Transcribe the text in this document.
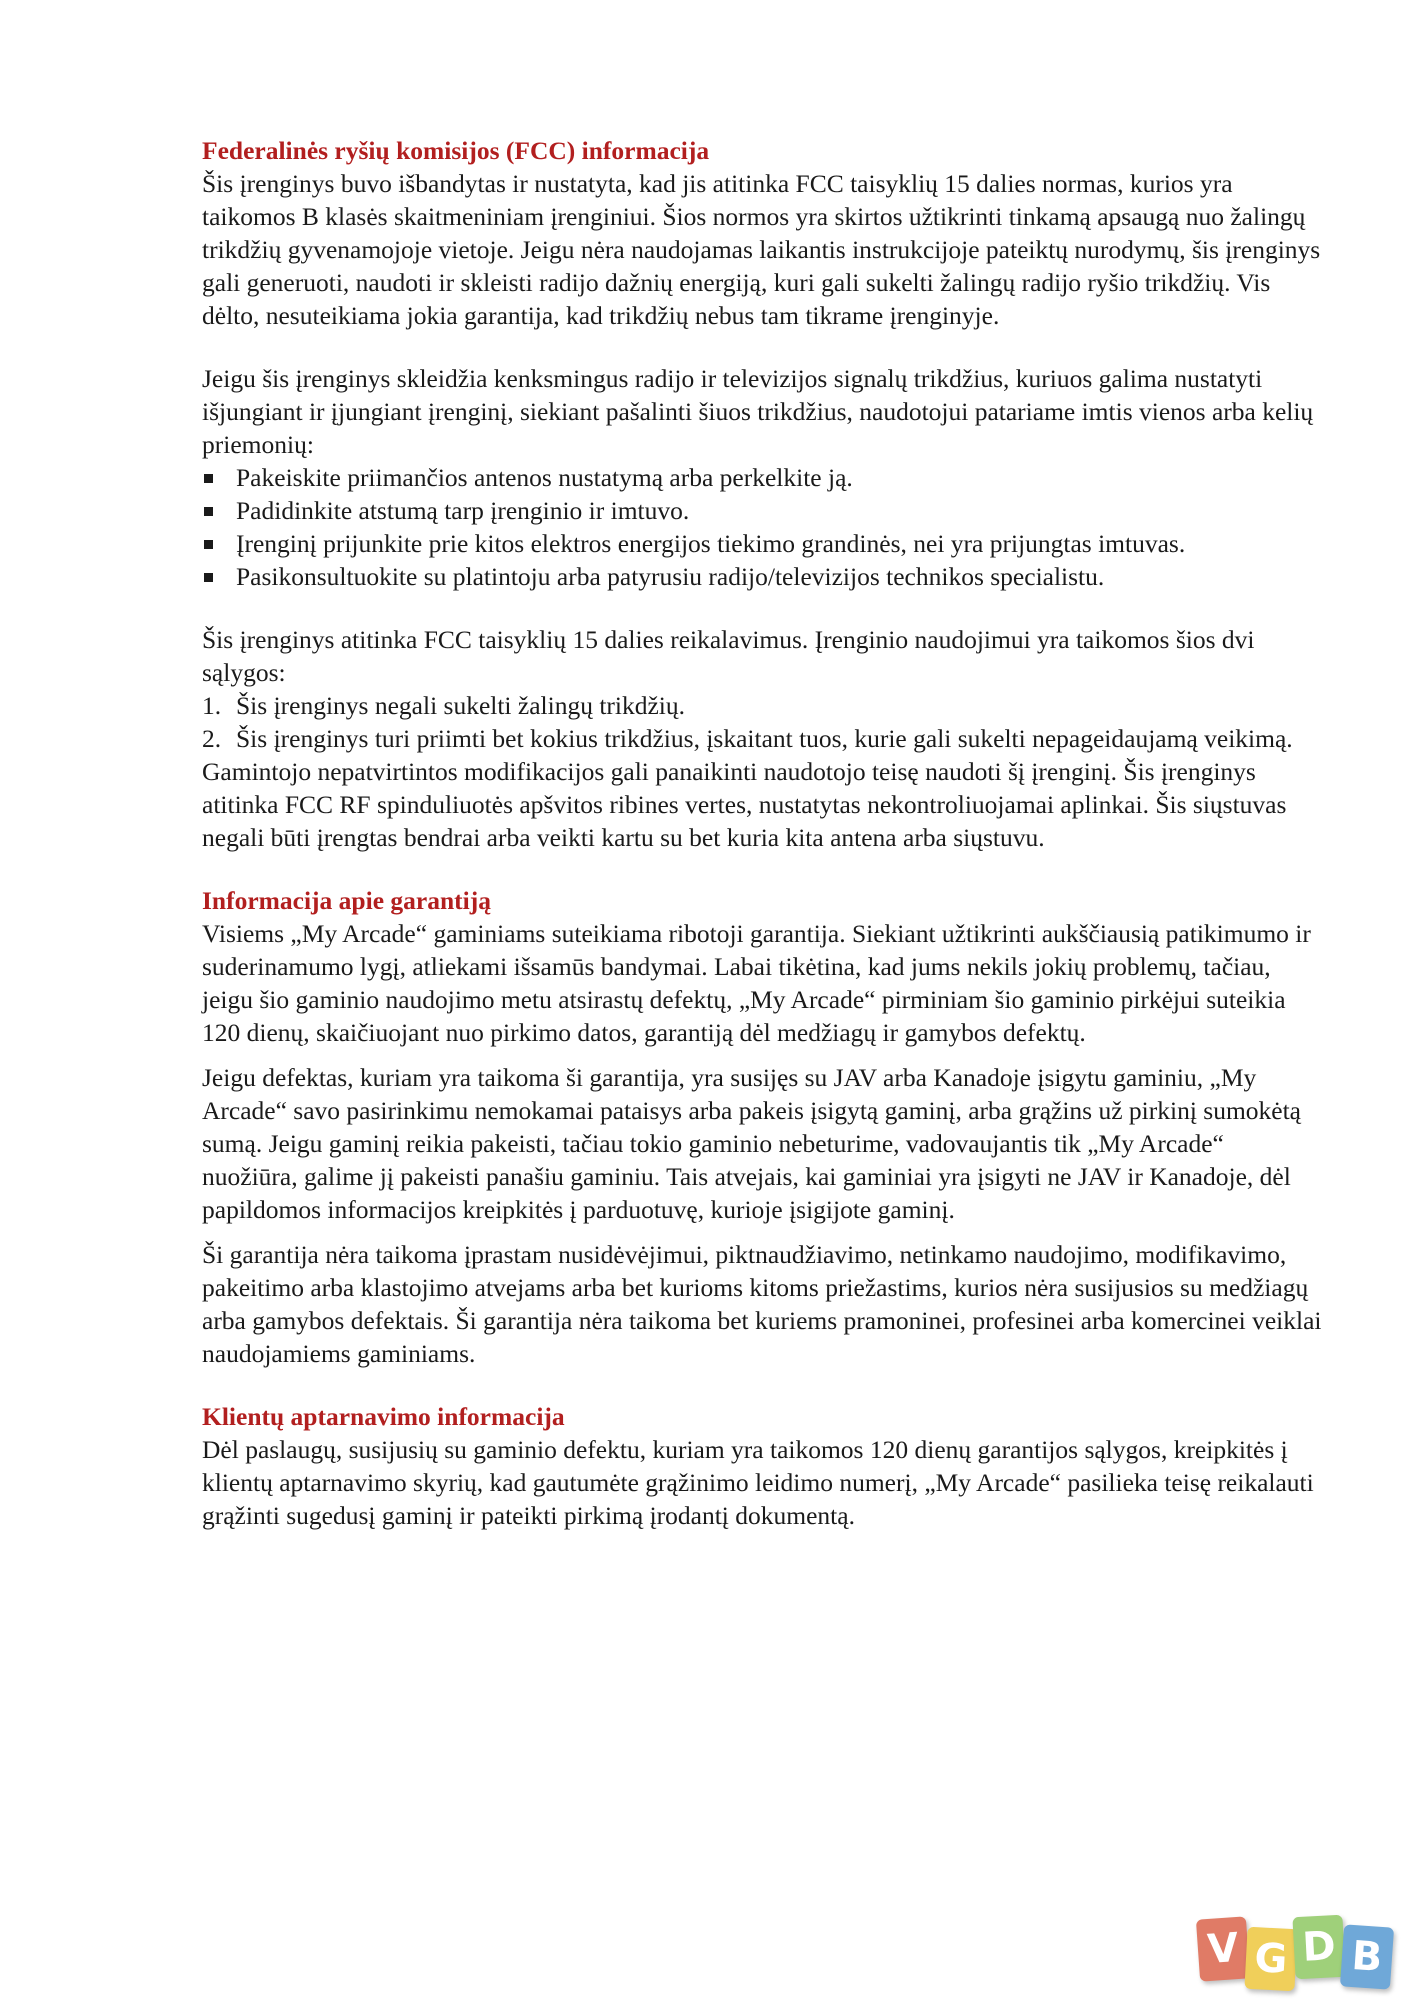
Federalinės ryšių komisijos (FCC) informacija

Šis įrenginys buvo išbandytas ir nustatyta, kad jis atitinka FCC taisyklių 15 dalies normas, kurios yra taikomos B klasės skaitmeniniam įrenginiui. Šios normos yra skirtos užtikrinti tinkamą apsaugą nuo žalingų trikdžių gyvenamojoje vietoje. Jeigu nėra naudojamas laikantis instrukcijoje pateiktų nurodymų, šis įrenginys gali generuoti, naudoti ir skleisti radijo dažnių energiją, kuri gali sukelti žalingų radijo ryšio trikdžių. Vis dėlto, nesuteikiama jokia garantija, kad trikdžių nebus tam tikrame įrenginyje.

Jeigu šis įrenginys skleidžia kenksmingus radijo ir televizijos signalų trikdžius, kuriuos galima nustatyti išjungiant ir įjungiant įrenginį, siekiant pašalinti šiuos trikdžius, naudotojui patariame imtis vienos arba kelių priemonių:

Pakeiskite priimančios antenos nustatymą arba perkelkite ją.
Padidinkite atstumą tarp įrenginio ir imtuvo.
Įrenginį prijunkite prie kitos elektros energijos tiekimo grandinės, nei yra prijungtas imtuvas.
Pasikonsultuokite su platintoju arba patyrusiu radijo/televizijos technikos specialistu.

Šis įrenginys atitinka FCC taisyklių 15 dalies reikalavimus. Įrenginio naudojimui yra taikomos šios dvi sąlygos:

1. Šis įrenginys negali sukelti žalingų trikdžių.
2. Šis įrenginys turi priimti bet kokius trikdžius, įskaitant tuos, kurie gali sukelti nepageidaujamą veikimą.

Gamintojo nepatvirtintos modifikacijos gali panaikinti naudotojo teisę naudoti šį įrenginį. Šis įrenginys atitinka FCC RF spinduliuotės apšvitos ribines vertes, nustatytas nekontroliuojamai aplinkai. Šis siųstuvas negali būti įrengtas bendrai arba veikti kartu su bet kuria kita antena arba siųstuvu.

Informacija apie garantiją

Visiems „My Arcade“ gaminiams suteikiama ribotoji garantija. Siekiant užtikrinti aukščiausią patikimumo ir suderinamumo lygį, atliekami išsamūs bandymai. Labai tikėtina, kad jums nekils jokių problemų, tačiau, jeigu šio gaminio naudojimo metu atsirastų defektų, „My Arcade“ pirminiam šio gaminio pirkėjui suteikia 120 dienų, skaičiuojant nuo pirkimo datos, garantiją dėl medžiagų ir gamybos defektų.

Jeigu defektas, kuriam yra taikoma ši garantija, yra susijęs su JAV arba Kanadoje įsigytu gaminiu, „My Arcade“ savo pasirinkimu nemokamai pataisys arba pakeis įsigytą gaminį, arba grąžins už pirkinį sumokėtą sumą. Jeigu gaminį reikia pakeisti, tačiau tokio gaminio nebeturime, vadovaujantis tik „My Arcade“ nuožiūra, galime jį pakeisti panašiu gaminiu. Tais atvejais, kai gaminiai yra įsigyti ne JAV ir Kanadoje, dėl papildomos informacijos kreipkitės į parduotuvę, kurioje įsigijote gaminį.

Ši garantija nėra taikoma įprastam nusidėvėjimui, piktnaudžiavimo, netinkamo naudojimo, modifikavimo, pakeitimo arba klastojimo atvejams arba bet kurioms kitoms priežastims, kurios nėra susijusios su medžiagų arba gamybos defektais. Ši garantija nėra taikoma bet kuriems pramoninei, profesinei arba komercinei veiklai naudojamiems gaminiams.

Klientų aptarnavimo informacija

Dėl paslaugų, susijusių su gaminio defektu, kuriam yra taikomos 120 dienų garantijos sąlygos, kreipkitės į klientų aptarnavimo skyrių, kad gautumėte grąžinimo leidimo numerį, „My Arcade“ pasilieka teisę reikalauti grąžinti sugedusį gaminį ir pateikti pirkimą įrodantį dokumentą.

V G D B
